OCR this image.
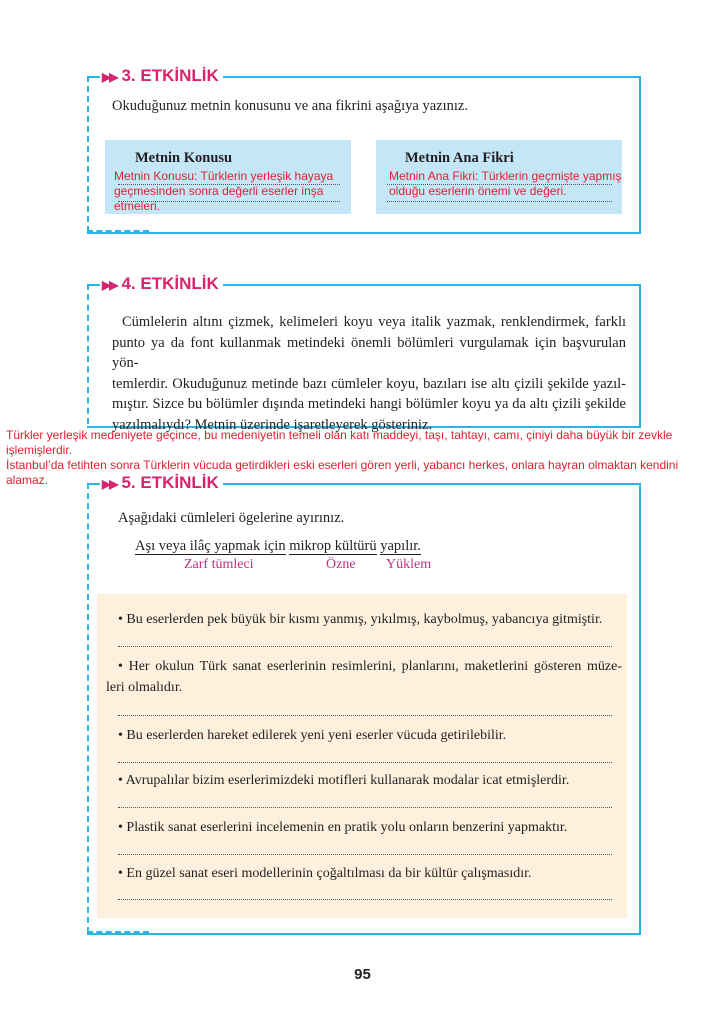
▶▶ 3. ETKİNLİK
Okuduğunuz metnin konusunu ve ana fikrini aşağıya yazınız.
Metnin Konusu
Metnin Konusu: Türklerin yerleşik hayaya
geçmesinden sonra değerli eserler inşa
etmeleri.
Metnin Ana Fikri
Metnin Ana Fikri: Türklerin geçmişte yapmış
olduğu eserlerin önemi ve değeri.
▶▶ 4. ETKİNLİK
Cümlelerin altını çizmek, kelimeleri koyu veya italik yazmak, renklendirmek, farklı
punto ya da font kullanmak metindeki önemli bölümleri vurgulamak için başvurulan yön-
temlerdir. Okuduğunuz metinde bazı cümleler koyu, bazıları ise altı çizili şekilde yazıl-
mıştır. Sizce bu bölümler dışında metindeki hangi bölümler koyu ya da altı çizili şekilde
yazılmalıydı? Metnin üzerinde işaretleyerek gösteriniz.
Türkler yerleşik medeniyete geçince, bu medeniyetin temeli olan katı maddeyi, taşı, tahtayı, camı, çiniyi daha büyük bir zevkle
işlemişlerdir.
İstanbul’da fetihten sonra Türklerin vücuda getirdikleri eski eserleri gören yerli, yabancı herkes, onlara hayran olmaktan kendini
alamaz.	▶▶ 5. ETKİNLİK
Aşağıdaki cümleleri ögelerine ayırınız.
Aşı veya ilâç yapmak için mikrop kültürü yapılır.
Zarf tümleci	Özne Yüklem
• Bu eserlerden pek büyük bir kısmı yanmış, yıkılmış, kaybolmuş, yabancıya gitmiştir.
• Her okulun Türk sanat eserlerinin resimlerini, planlarını, maketlerini gösteren müze-
leri olmalıdır.
• Bu eserlerden hareket edilerek yeni yeni eserler vücuda getirilebilir.
• Avrupalılar bizim eserlerimizdeki motifleri kullanarak modalar icat etmişlerdir.
• Plastik sanat eserlerini incelemenin en pratik yolu onların benzerini yapmaktır.
• En güzel sanat eseri modellerinin çoğaltılması da bir kültür çalışmasıdır.
95
